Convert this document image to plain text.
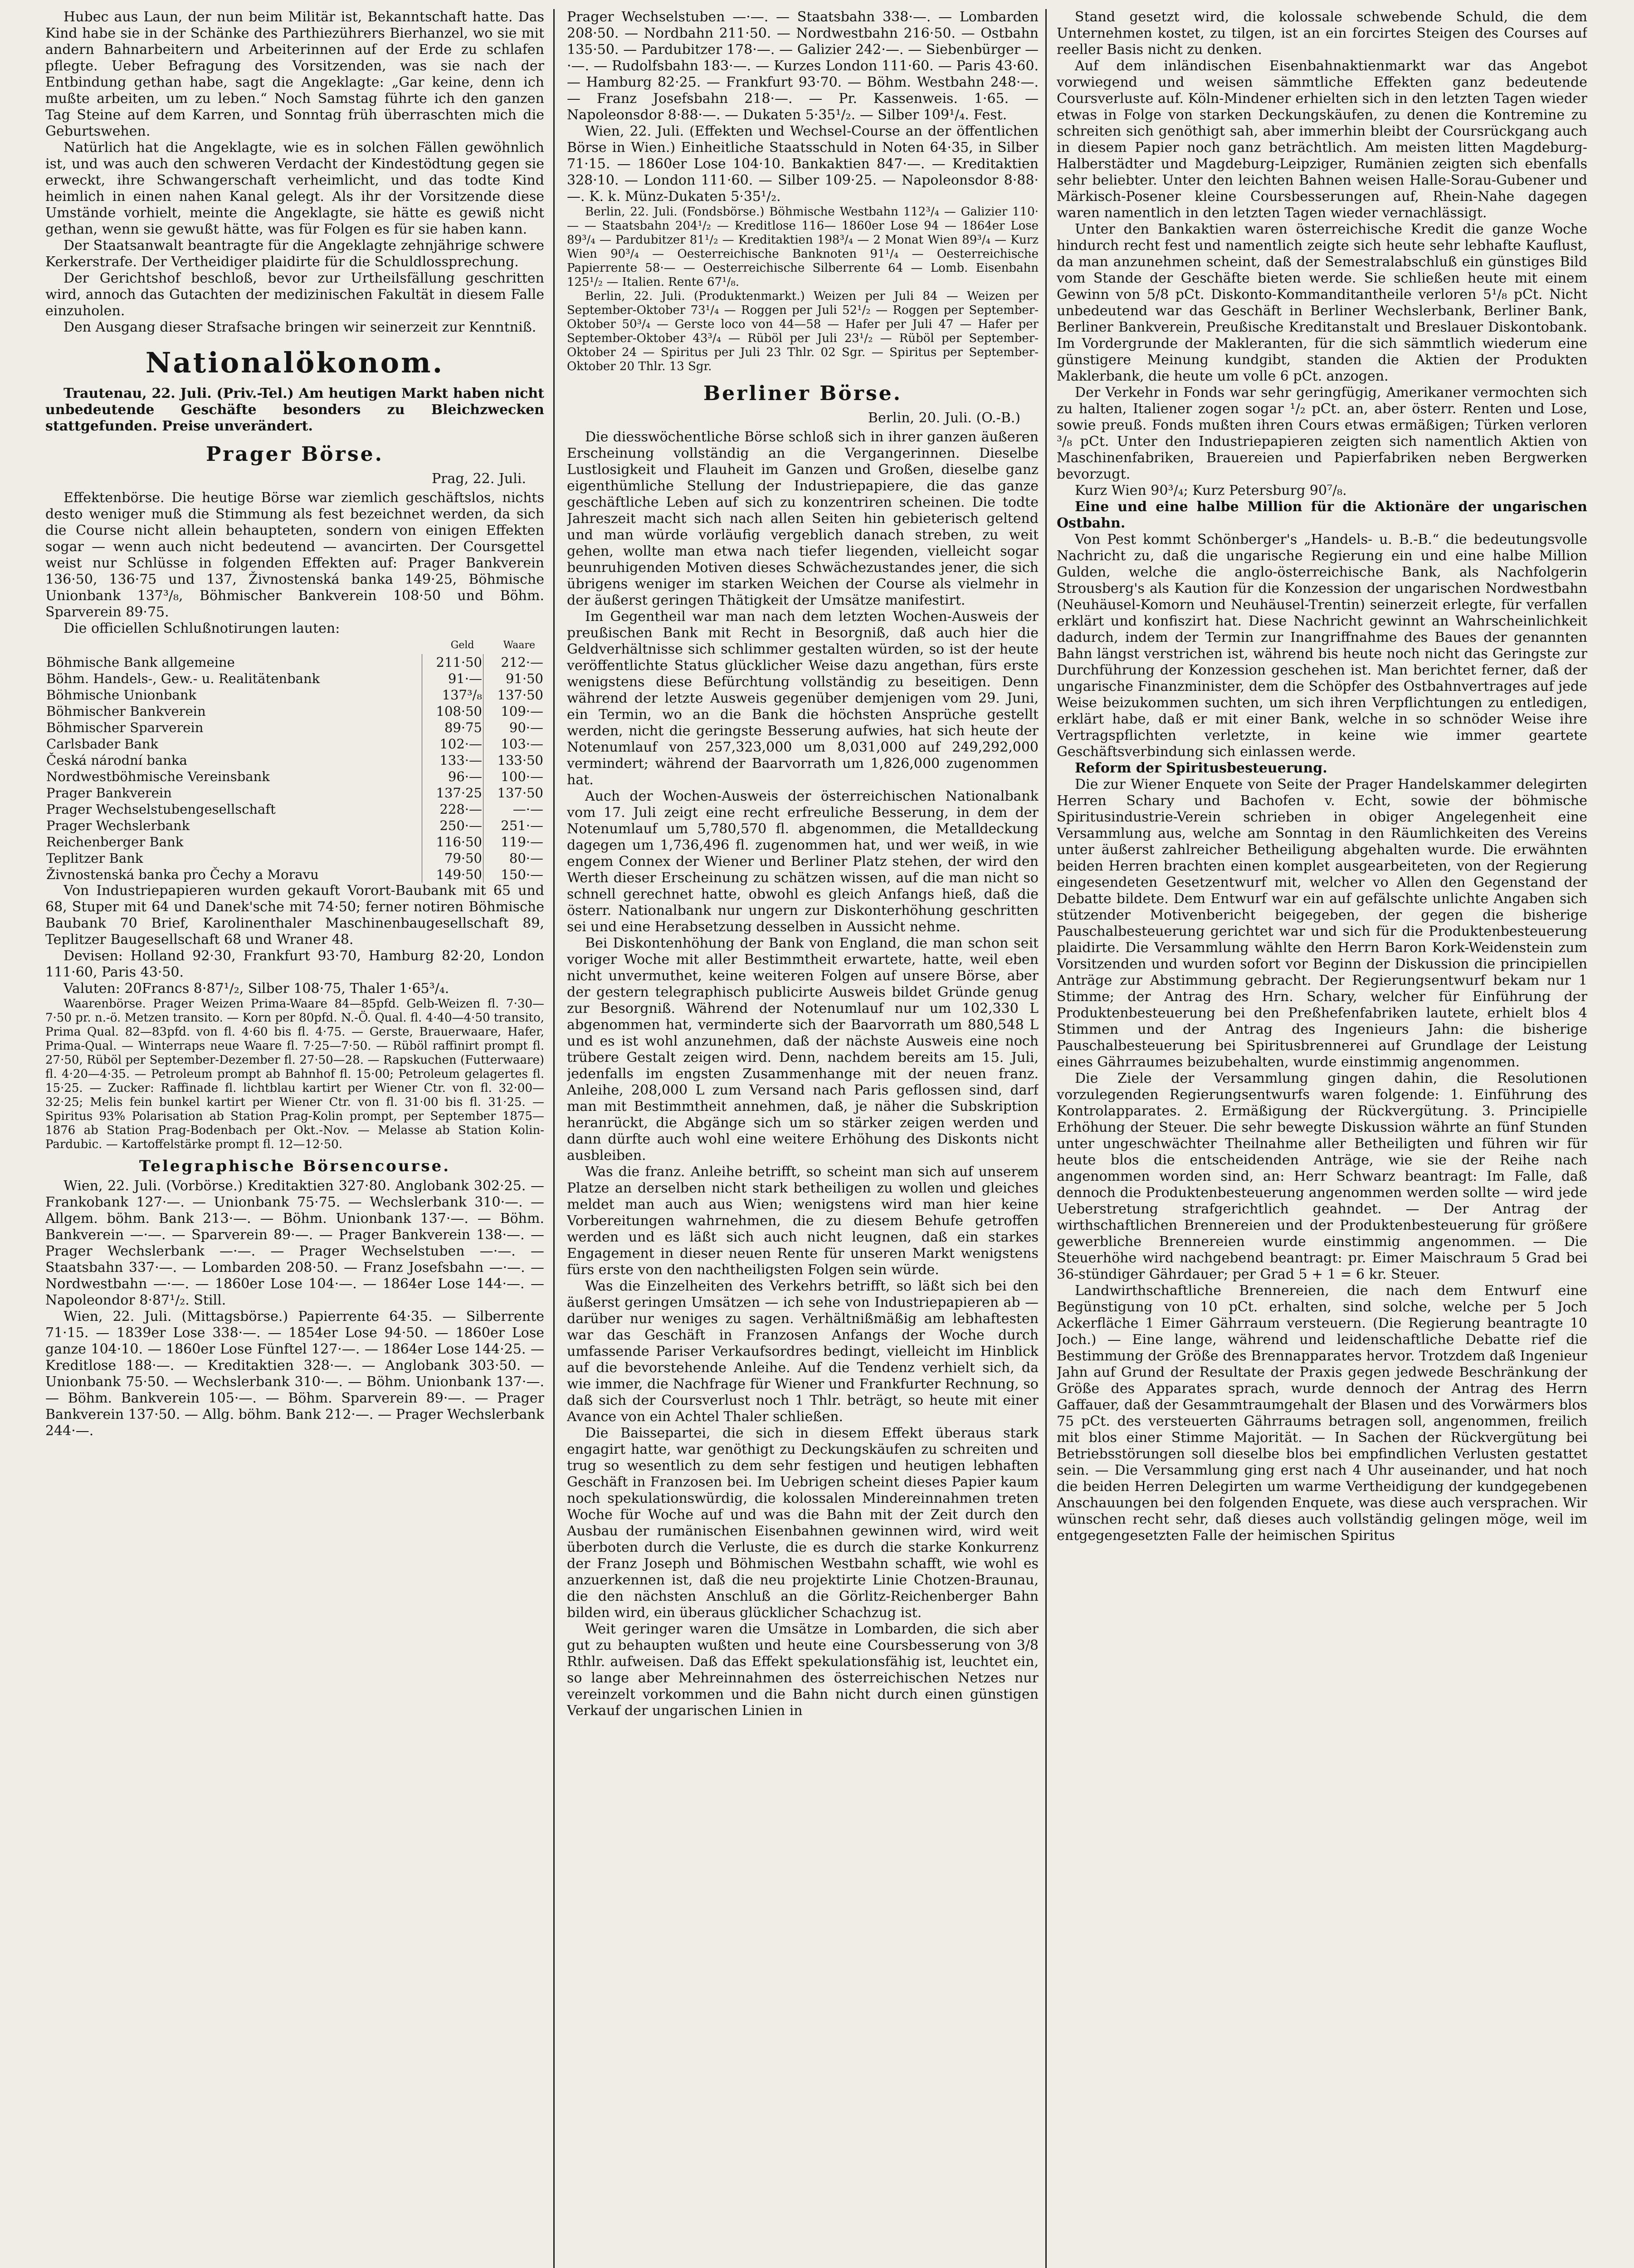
Hubec aus Laun, der nun beim Militär ist, Bekanntschaft hatte. Das Kind habe sie in der Schänke des Parthiezührers Bierhanzel, wo sie mit andern Bahnarbeitern und Arbeiterinnen auf der Erde zu schlafen pflegte. Ueber Befragung des Vorsitzenden, was sie nach der Entbindung gethan habe, sagt die Angeklagte: „Gar keine, denn ich mußte arbeiten, um zu leben.“ Noch Samstag führte ich den ganzen Tag Steine auf dem Karren, und Sonntag früh überraschten mich die Geburtswehen.

Natürlich hat die Angeklagte, wie es in solchen Fällen gewöhnlich ist, und was auch den schweren Verdacht der Kindestödtung gegen sie erweckt, ihre Schwangerschaft verheimlicht, und das todte Kind heimlich in einen nahen Kanal gelegt. Als ihr der Vorsitzende diese Umstände vorhielt, meinte die Angeklagte, sie hätte es gewiß nicht gethan, wenn sie gewußt hätte, was für Folgen es für sie haben kann.

Der Staatsanwalt beantragte für die Angeklagte zehnjährige schwere Kerkerstrafe. Der Vertheidiger plaidirte für die Schuldlossprechung.

Der Gerichtshof beschloß, bevor zur Urtheilsfällung geschritten wird, annoch das Gutachten der medizinischen Fakultät in diesem Falle einzuholen.

Den Ausgang dieser Strafsache bringen wir seinerzeit zur Kenntniß.

Nationalökonom.

Trautenau, 22. Juli. (Priv.-Tel.) Am heutigen Markt haben nicht unbedeutende Geschäfte besonders zu Bleichzwecken stattgefunden. Preise unverändert.

Prager Börse.
Prag, 22. Juli.

Effektenbörse. Die heutige Börse war ziemlich geschäftslos, nichts desto weniger muß die Stimmung als fest bezeichnet werden, da sich die Course nicht allein behaupteten, sondern von einigen Effekten sogar — wenn auch nicht bedeutend — avancirten. Der Coursgettel weist nur Schlüsse in folgenden Effekten auf: Prager Bankverein 136·50, 136·75 und 137, Živnostenská banka 149·25, Böhmische Unionbank 137³/₈, Böhmischer Bankverein 108·50 und Böhm. Sparverein 89·75.

Die officiellen Schlußnotirungen lauten:

	Geld	Waare
Böhmische Bank allgemeine	211·50	212·—
Böhm. Handels-, Gew.- u. Realitätenbank	91·—	91·50
Böhmische Unionbank	137³/₈	137·50
Böhmischer Bankverein	108·50	109·—
Böhmischer Sparverein	89·75	90·—
Carlsbader Bank	102·—	103·—
Česká národní banka	133·—	133·50
Nordwestböhmische Vereinsbank	96·—	100·—
Prager Bankverein	137·25	137·50
Prager Wechselstubengesellschaft	228·—	—·—
Prager Wechslerbank	250·—	251·—
Reichenberger Bank	116·50	119·—
Teplitzer Bank	79·50	80·—
Živnostenská banka pro Čechy a Moravu	149·50	150·—

Von Industriepapieren wurden gekauft Vorort-Baubank mit 65 und 68, Stuper mit 64 und Danek'sche mit 74·50; ferner notiren Böhmische Baubank 70 Brief, Karolinenthaler Maschinenbaugesellschaft 89, Teplitzer Baugesellschaft 68 und Wraner 48.

Devisen: Holland 92·30, Frankfurt 93·70, Hamburg 82·20, London 111·60, Paris 43·50.

Valuten: 20Francs 8·87¹/₂, Silber 108·75, Thaler 1·65³/₄.

Waarenbörse. Prager Weizen Prima-Waare 84—85pfd. Gelb-Weizen fl. 7·30—7·50 pr. n.-ö. Metzen transito. — Korn per 80pfd. N.-Ö. Qual. fl. 4·40—4·50 transito, Prima Qual. 82—83pfd. von fl. 4·60 bis fl. 4·75. — Gerste, Brauerwaare, Hafer, Prima-Qual. — Winterraps neue Waare fl. 7·25—7·50. — Rüböl raffinirt prompt fl. 27·50, Rüböl per September-Dezember fl. 27·50—28. — Rapskuchen (Futterwaare) fl. 4·20—4·35. — Petroleum prompt ab Bahnhof fl. 15·00; Petroleum gelagertes fl. 15·25. — Zucker: Raffinade fl. lichtblau kartirt per Wiener Ctr. von fl. 32·00—32·25; Melis fein bunkel kartirt per Wiener Ctr. von fl. 31·00 bis fl. 31·25. — Spiritus 93% Polarisation ab Station Prag-Kolin prompt, per September 1875—1876 ab Station Prag-Bodenbach per Okt.-Nov. — Melasse ab Station Kolin-Pardubic. — Kartoffelstärke prompt fl. 12—12·50.

Telegraphische Börsencourse.

Wien, 22. Juli. (Vorbörse.) Kreditaktien 327·80. Anglobank 302·25. — Frankobank 127·—. — Unionbank 75·75. — Wechslerbank 310·—. — Allgem. böhm. Bank 213·—. — Böhm. Unionbank 137·—. — Böhm. Bankverein —·—. — Sparverein 89·—. — Prager Bankverein 138·—. — Prager Wechslerbank —·—. — Prager Wechselstuben —·—. — Staatsbahn 337·—. — Lombarden 208·50. — Franz Josefsbahn —·—. — Nordwestbahn —·—. — 1860er Lose 104·—. — 1864er Lose 144·—. — Napoleondor 8·87¹/₂. Still.

Wien, 22. Juli. (Mittagsbörse.) Papierrente 64·35. — Silberrente 71·15. — 1839er Lose 338·—. — 1854er Lose 94·50. — 1860er Lose ganze 104·10. — 1860er Lose Fünftel 127·—. — 1864er Lose 144·25. — Kreditlose 188·—. — Kreditaktien 328·—. — Anglobank 303·50. — Unionbank 75·50. — Wechslerbank 310·—. — Böhm. Unionbank 137·—. — Böhm. Bankverein 105·—. — Böhm. Sparverein 89·—. — Prager Bankverein 137·50. — Allg. böhm. Bank 212·—. — Prager Wechslerbank 244·—.

Prager Wechselstuben —·—. — Staatsbahn 338·—. — Lombarden 208·50. — Nordbahn 211·50. — Nordwestbahn 216·50. — Ostbahn 135·50. — Pardubitzer 178·—. — Galizier 242·—. — Siebenbürger —·—. — Rudolfsbahn 183·—. — Kurzes London 111·60. — Paris 43·60. — Hamburg 82·25. — Frankfurt 93·70. — Böhm. Westbahn 248·—. — Franz Josefsbahn 218·—. — Pr. Kassenweis. 1·65. — Napoleonsdor 8·88·—. — Dukaten 5·35¹/₂. — Silber 109¹/₄. Fest.

Wien, 22. Juli. (Effekten und Wechsel-Course an der öffentlichen Börse in Wien.) Einheitliche Staatsschuld in Noten 64·35, in Silber 71·15. — 1860er Lose 104·10. Bankaktien 847·—. — Kreditaktien 328·10. — London 111·60. — Silber 109·25. — Napoleonsdor 8·88·—. K. k. Münz-Dukaten 5·35¹/₂.

Berlin, 22. Juli. (Fondsbörse.) Böhmische Westbahn 112³/₄ — Galizier 110·— — Staatsbahn 204¹/₂ — Kreditlose 116— 1860er Lose 94 — 1864er Lose 89³/₄ — Pardubitzer 81¹/₂ — Kreditaktien 198³/₄ — 2 Monat Wien 89³/₄ — Kurz Wien 90³/₄ — Oesterreichische Banknoten 91¹/₄ — Oesterreichische Papierrente 58·— — Oesterreichische Silberrente 64 — Lomb. Eisenbahn 125¹/₂ — Italien. Rente 67¹/₈.

Berlin, 22. Juli. (Produktenmarkt.) Weizen per Juli 84 — Weizen per September-Oktober 73¹/₄ — Roggen per Juli 52¹/₂ — Roggen per September-Oktober 50³/₄ — Gerste loco von 44—58 — Hafer per Juli 47 — Hafer per September-Oktober 43³/₄ — Rüböl per Juli 23¹/₂ — Rüböl per September-Oktober 24 — Spiritus per Juli 23 Thlr. 02 Sgr. — Spiritus per September-Oktober 20 Thlr. 13 Sgr.

Berliner Börse.
Berlin, 20. Juli. (O.-B.)

Die diesswöchentliche Börse schloß sich in ihrer ganzen äußeren Erscheinung vollständig an die Vergangerinnen. Dieselbe Lustlosigkeit und Flauheit im Ganzen und Großen, dieselbe ganz eigenthümliche Stellung der Industriepapiere, die das ganze geschäftliche Leben auf sich zu konzentriren scheinen. Die todte Jahreszeit macht sich nach allen Seiten hin gebieterisch geltend und man würde vorläufig vergeblich danach streben, zu weit gehen, wollte man etwa nach tiefer liegenden, vielleicht sogar beunruhigenden Motiven dieses Schwächezustandes jener, die sich übrigens weniger im starken Weichen der Course als vielmehr in der äußerst geringen Thätigkeit der Umsätze manifestirt.

Im Gegentheil war man nach dem letzten Wochen-Ausweis der preußischen Bank mit Recht in Besorgniß, daß auch hier die Geldverhältnisse sich schlimmer gestalten würden, so ist der heute veröffentlichte Status glücklicher Weise dazu angethan, fürs erste wenigstens diese Befürchtung vollständig zu beseitigen. Denn während der letzte Ausweis gegenüber demjenigen vom 29. Juni, ein Termin, wo an die Bank die höchsten Ansprüche gestellt werden, nicht die geringste Besserung aufwies, hat sich heute der Notenumlauf von 257,323,000 um 8,031,000 auf 249,292,000 vermindert; während der Baarvorrath um 1,826,000 zugenommen hat.

Auch der Wochen-Ausweis der österreichischen Nationalbank vom 17. Juli zeigt eine recht erfreuliche Besserung, in dem der Notenumlauf um 5,780,570 fl. abgenommen, die Metalldeckung dagegen um 1,736,496 fl. zugenommen hat, und wer weiß, in wie engem Connex der Wiener und Berliner Platz stehen, der wird den Werth dieser Erscheinung zu schätzen wissen, auf die man nicht so schnell gerechnet hatte, obwohl es gleich Anfangs hieß, daß die österr. Nationalbank nur ungern zur Diskonterhöhung geschritten sei und eine Herabsetzung desselben in Aussicht nehme.

Bei Diskontenhöhung der Bank von England, die man schon seit voriger Woche mit aller Bestimmtheit erwartete, hatte, weil eben nicht unvermuthet, keine weiteren Folgen auf unsere Börse, aber der gestern telegraphisch publicirte Ausweis bildet Gründe genug zur Besorgniß. Während der Notenumlauf nur um 102,330 L abgenommen hat, verminderte sich der Baarvorrath um 880,548 L und es ist wohl anzunehmen, daß der nächste Ausweis eine noch trübere Gestalt zeigen wird. Denn, nachdem bereits am 15. Juli, jedenfalls im engsten Zusammenhange mit der neuen franz. Anleihe, 208,000 L zum Versand nach Paris geflossen sind, darf man mit Bestimmtheit annehmen, daß, je näher die Subskription heranrückt, die Abgänge sich um so stärker zeigen werden und dann dürfte auch wohl eine weitere Erhöhung des Diskonts nicht ausbleiben.

Was die franz. Anleihe betrifft, so scheint man sich auf unserem Platze an derselben nicht stark betheiligen zu wollen und gleiches meldet man auch aus Wien; wenigstens wird man hier keine Vorbereitungen wahrnehmen, die zu diesem Behufe getroffen werden und es läßt sich auch nicht leugnen, daß ein starkes Engagement in dieser neuen Rente für unseren Markt wenigstens fürs erste von den nachtheiligsten Folgen sein würde.

Was die Einzelheiten des Verkehrs betrifft, so läßt sich bei den äußerst geringen Umsätzen — ich sehe von Industriepapieren ab — darüber nur weniges zu sagen. Verhältnißmäßig am lebhaftesten war das Geschäft in Franzosen Anfangs der Woche durch umfassende Pariser Verkaufsordres bedingt, vielleicht im Hinblick auf die bevorstehende Anleihe. Auf die Tendenz verhielt sich, da wie immer, die Nachfrage für Wiener und Frankfurter Rechnung, so daß sich der Coursverlust noch 1 Thlr. beträgt, so heute mit einer Avance von ein Achtel Thaler schließen.

Die Baissepartei, die sich in diesem Effekt überaus stark engagirt hatte, war genöthigt zu Deckungskäufen zu schreiten und trug so wesentlich zu dem sehr festigen und heutigen lebhaften Geschäft in Franzosen bei. Im Uebrigen scheint dieses Papier kaum noch spekulationswürdig, die kolossalen Mindereinnahmen treten Woche für Woche auf und was die Bahn mit der Zeit durch den Ausbau der rumänischen Eisenbahnen gewinnen wird, wird weit überboten durch die Verluste, die es durch die starke Konkurrenz der Franz Joseph und Böhmischen Westbahn schafft, wie wohl es anzuerkennen ist, daß die neu projektirte Linie Chotzen-Braunau, die den nächsten Anschluß an die Görlitz-Reichenberger Bahn bilden wird, ein überaus glücklicher Schachzug ist.

Weit geringer waren die Umsätze in Lombarden, die sich aber gut zu behaupten wußten und heute eine Coursbesserung von 3/8 Rthlr. aufweisen. Daß das Effekt spekulationsfähig ist, leuchtet ein, so lange aber Mehreinnahmen des österreichischen Netzes nur vereinzelt vorkommen und die Bahn nicht durch einen günstigen Verkauf der ungarischen Linien in

Stand gesetzt wird, die kolossale schwebende Schuld, die dem Unternehmen kostet, zu tilgen, ist an ein forcirtes Steigen des Courses auf reeller Basis nicht zu denken.

Auf dem inländischen Eisenbahnaktienmarkt war das Angebot vorwiegend und weisen sämmtliche Effekten ganz bedeutende Coursverluste auf. Köln-Mindener erhielten sich in den letzten Tagen wieder etwas in Folge von starken Deckungskäufen, zu denen die Kontremine zu schreiten sich genöthigt sah, aber immerhin bleibt der Coursrückgang auch in diesem Papier noch ganz beträchtlich. Am meisten litten Magdeburg-Halberstädter und Magdeburg-Leipziger, Rumänien zeigten sich ebenfalls sehr beliebter. Unter den leichten Bahnen weisen Halle-Sorau-Gubener und Märkisch-Posener kleine Coursbesserungen auf, Rhein-Nahe dagegen waren namentlich in den letzten Tagen wieder vernachlässigt.

Unter den Bankaktien waren österreichische Kredit die ganze Woche hindurch recht fest und namentlich zeigte sich heute sehr lebhafte Kauflust, da man anzunehmen scheint, daß der Semestralabschluß ein günstiges Bild vom Stande der Geschäfte bieten werde. Sie schließen heute mit einem Gewinn von 5/8 pCt. Diskonto-Kommanditantheile verloren 5¹/₈ pCt. Nicht unbedeutend war das Geschäft in Berliner Wechslerbank, Berliner Bank, Berliner Bankverein, Preußische Kreditanstalt und Breslauer Diskontobank. Im Vordergrunde der Makleranten, für die sich sämmtlich wiederum eine günstigere Meinung kundgibt, standen die Aktien der Produkten Maklerbank, die heute um volle 6 pCt. anzogen.

Der Verkehr in Fonds war sehr geringfügig, Amerikaner vermochten sich zu halten, Italiener zogen sogar ¹/₂ pCt. an, aber österr. Renten und Lose, sowie preuß. Fonds mußten ihren Cours etwas ermäßigen; Türken verloren ³/₈ pCt. Unter den Industriepapieren zeigten sich namentlich Aktien von Maschinenfabriken, Brauereien und Papierfabriken neben Bergwerken bevorzugt.

Kurz Wien 90³/₄; Kurz Petersburg 90⁷/₈.

Eine und eine halbe Million für die Aktionäre der ungarischen Ostbahn.

Von Pest kommt Schönberger's „Handels- u. B.-B.“ die bedeutungsvolle Nachricht zu, daß die ungarische Regierung ein und eine halbe Million Gulden, welche die anglo-österreichische Bank, als Nachfolgerin Strousberg's als Kaution für die Konzession der ungarischen Nordwestbahn (Neuhäusel-Komorn und Neuhäusel-Trentin) seinerzeit erlegte, für verfallen erklärt und konfiszirt hat. Diese Nachricht gewinnt an Wahrscheinlichkeit dadurch, indem der Termin zur Inangriffnahme des Baues der genannten Bahn längst verstrichen ist, während bis heute noch nicht das Geringste zur Durchführung der Konzession geschehen ist. Man berichtet ferner, daß der ungarische Finanzminister, dem die Schöpfer des Ostbahnvertrages auf jede Weise beizukommen suchten, um sich ihren Verpflichtungen zu entledigen, erklärt habe, daß er mit einer Bank, welche in so schnöder Weise ihre Vertragspflichten verletzte, in keine wie immer geartete Geschäftsverbindung sich einlassen werde.

Reform der Spiritusbesteuerung.

Die zur Wiener Enquete von Seite der Prager Handelskammer delegirten Herren Schary und Bachofen v. Echt, sowie der böhmische Spiritusindustrie-Verein schrieben in obiger Angelegenheit eine Versammlung aus, welche am Sonntag in den Räumlichkeiten des Vereins unter äußerst zahlreicher Betheiligung abgehalten wurde. Die erwähnten beiden Herren brachten einen komplet ausgearbeiteten, von der Regierung eingesendeten Gesetzentwurf mit, welcher vo Allen den Gegenstand der Debatte bildete. Dem Entwurf war ein auf gefälschte unlichte Angaben sich stützender Motivenbericht beigegeben, der gegen die bisherige Pauschalbesteuerung gerichtet war und sich für die Produktenbesteuerung plaidirte. Die Versammlung wählte den Herrn Baron Kork-Weidenstein zum Vorsitzenden und wurden sofort vor Beginn der Diskussion die principiellen Anträge zur Abstimmung gebracht. Der Regierungsentwurf bekam nur 1 Stimme; der Antrag des Hrn. Schary, welcher für Einführung der Produktenbesteuerung bei den Preßhefenfabriken lautete, erhielt blos 4 Stimmen und der Antrag des Ingenieurs Jahn: die bisherige Pauschalbesteuerung bei Spiritusbrennerei auf Grundlage der Leistung eines Gährraumes beizubehalten, wurde einstimmig angenommen.

Die Ziele der Versammlung gingen dahin, die Resolutionen vorzulegenden Regierungsentwurfs waren folgende: 1. Einführung des Kontrolapparates. 2. Ermäßigung der Rückvergütung. 3. Principielle Erhöhung der Steuer. Die sehr bewegte Diskussion währte an fünf Stunden unter ungeschwächter Theilnahme aller Betheiligten und führen wir für heute blos die entscheidenden Anträge, wie sie der Reihe nach angenommen worden sind, an: Herr Schwarz beantragt: Im Falle, daß dennoch die Produktenbesteuerung angenommen werden sollte — wird jede Ueberstretung strafgerichtlich geahndet. — Der Antrag der wirthschaftlichen Brennereien und der Produktenbesteuerung für größere gewerbliche Brennereien wurde einstimmig angenommen. — Die Steuerhöhe wird nachgebend beantragt: pr. Eimer Maischraum 5 Grad bei 36-stündiger Gährdauer; per Grad 5 + 1 = 6 kr. Steuer.

Landwirthschaftliche Brennereien, die nach dem Entwurf eine Begünstigung von 10 pCt. erhalten, sind solche, welche per 5 Joch Ackerfläche 1 Eimer Gährraum versteuern. (Die Regierung beantragte 10 Joch.) — Eine lange, während und leidenschaftliche Debatte rief die Bestimmung der Größe des Brennapparates hervor. Trotzdem daß Ingenieur Jahn auf Grund der Resultate der Praxis gegen jedwede Beschränkung der Größe des Apparates sprach, wurde dennoch der Antrag des Herrn Gaffauer, daß der Gesammtraumgehalt der Blasen und des Vorwärmers blos 75 pCt. des versteuerten Gährraums betragen soll, angenommen, freilich mit blos einer Stimme Majorität. — In Sachen der Rückvergütung bei Betriebsstörungen soll dieselbe blos bei empfindlichen Verlusten gestattet sein. — Die Versammlung ging erst nach 4 Uhr auseinander, und hat noch die beiden Herren Delegirten um warme Vertheidigung der kundgegebenen Anschauungen bei den folgenden Enquete, was diese auch versprachen. Wir wünschen recht sehr, daß dieses auch vollständig gelingen möge, weil im entgegengesetzten Falle der heimischen Spiritus
